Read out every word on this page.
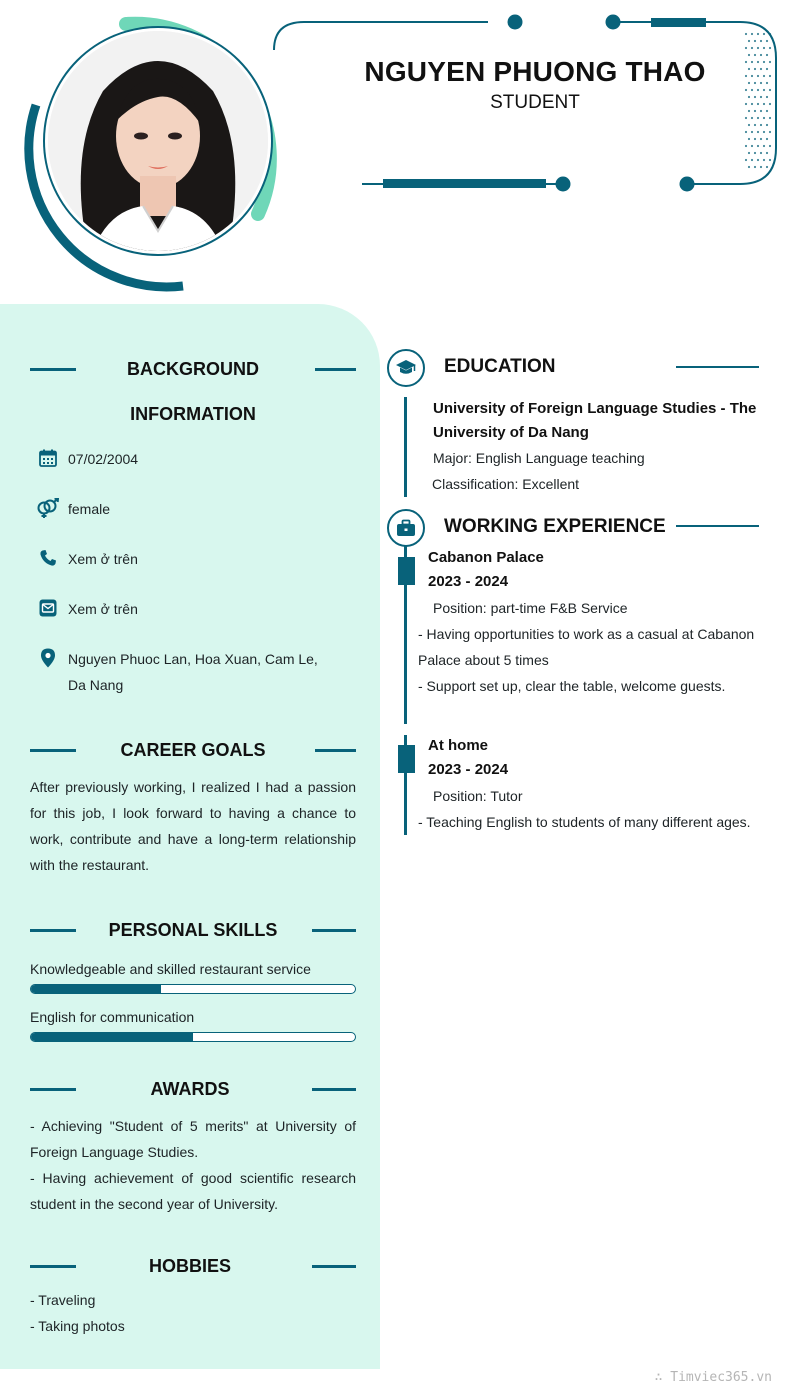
NGUYEN PHUONG THAO
STUDENT
BACKGROUND
INFORMATION
07/02/2004
female
Xem ở trên
Xem ở trên
Nguyen Phuoc Lan, Hoa Xuan, Cam Le, Da Nang
CAREER GOALS
After previously working, I realized I had a passion for this job, I look forward to having a chance to work, contribute and have a long-term relationship with the restaurant.
PERSONAL SKILLS
Knowledgeable and skilled restaurant service
English for communication
AWARDS
- Achieving "Student of 5 merits" at University of Foreign Language Studies.
- Having achievement of good scientific research student in the second year of University.
HOBBIES
- Traveling
- Taking photos
EDUCATION
University of Foreign Language Studies - The University of Da Nang
Major: English Language teaching
Classification: Excellent
WORKING EXPERIENCE
Cabanon Palace
2023 - 2024
Position: part-time F&B Service
- Having opportunities to work as a casual at Cabanon Palace about 5 times
- Support set up, clear the table, welcome guests.
At home
2023 - 2024
Position: Tutor
- Teaching English to students of many different ages.
∴ Timviec365.vn
